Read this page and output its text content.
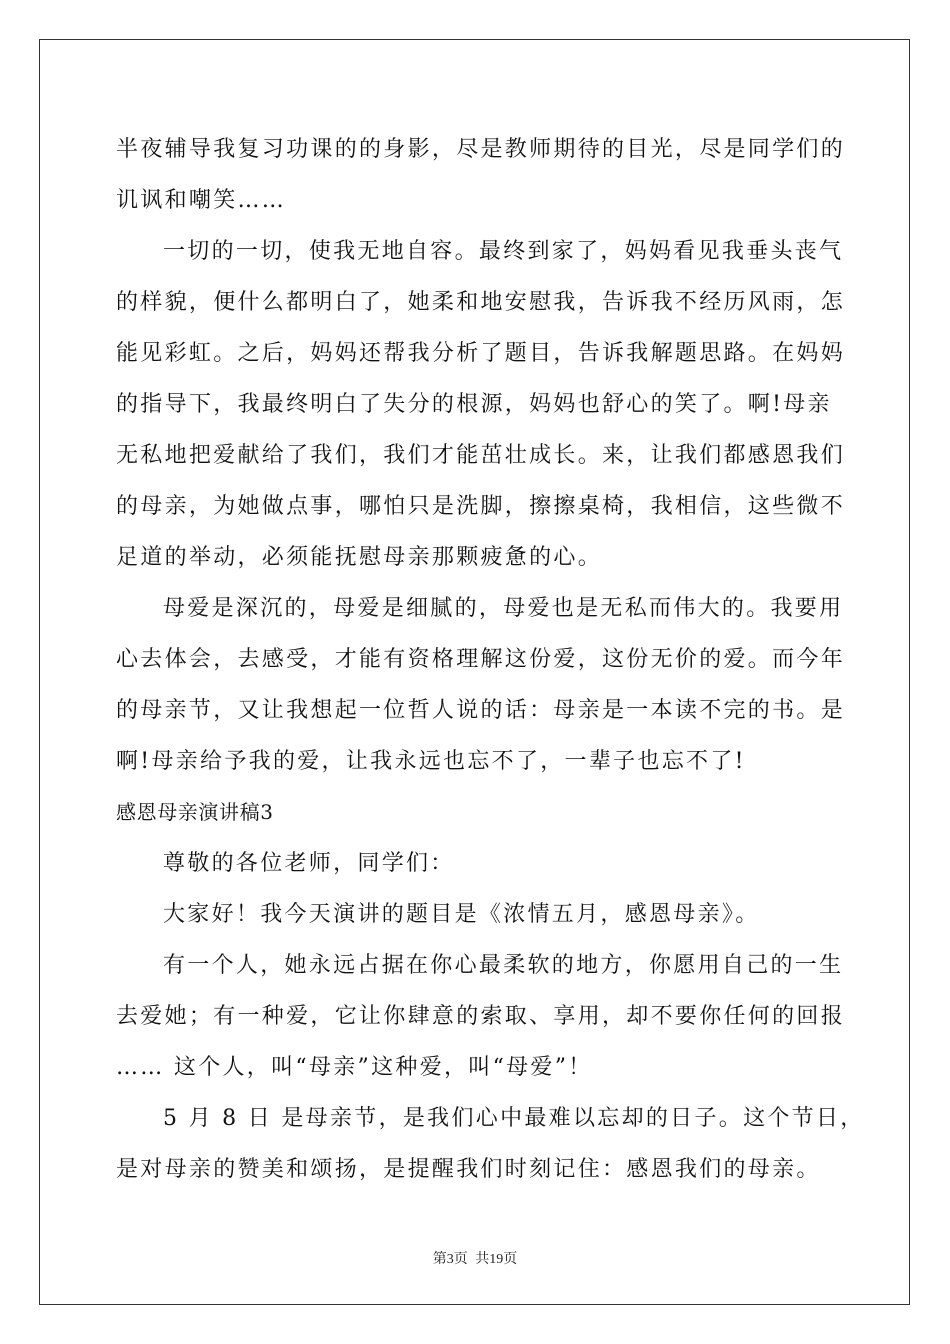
半夜辅导我复习功课的的身影，尽是教师期待的目光，尽是同学们的
讥讽和嘲笑……
一切的一切，使我无地自容。最终到家了，妈妈看见我垂头丧气
的样貌，便什么都明白了，她柔和地安慰我，告诉我不经历风雨，怎
能见彩虹。之后，妈妈还帮我分析了题目，告诉我解题思路。在妈妈
的指导下，我最终明白了失分的根源，妈妈也舒心的笑了。啊!母亲
无私地把爱献给了我们，我们才能茁壮成长。来，让我们都感恩我们
的母亲，为她做点事，哪怕只是洗脚，擦擦桌椅，我相信，这些微不
足道的举动，必须能抚慰母亲那颗疲惫的心。
母爱是深沉的，母爱是细腻的，母爱也是无私而伟大的。我要用
心去体会，去感受，才能有资格理解这份爱，这份无价的爱。而今年
的母亲节，又让我想起一位哲人说的话：母亲是一本读不完的书。是
啊!母亲给予我的爱，让我永远也忘不了，一辈子也忘不了!
感恩母亲演讲稿3
尊敬的各位老师，同学们：
大家好！我今天演讲的题目是《浓情五月，感恩母亲》。
有一个人，她永远占据在你心最柔软的地方，你愿用自己的一生
去爱她；有一种爱，它让你肆意的索取、享用，却不要你任何的回报
…… 这个人，叫“母亲”这种爱，叫“母爱”！
5 月 8 日 是母亲节，是我们心中最难以忘却的日子。这个节日，
是对母亲的赞美和颂扬，是提醒我们时刻记住：感恩我们的母亲。
第3页 共19页
